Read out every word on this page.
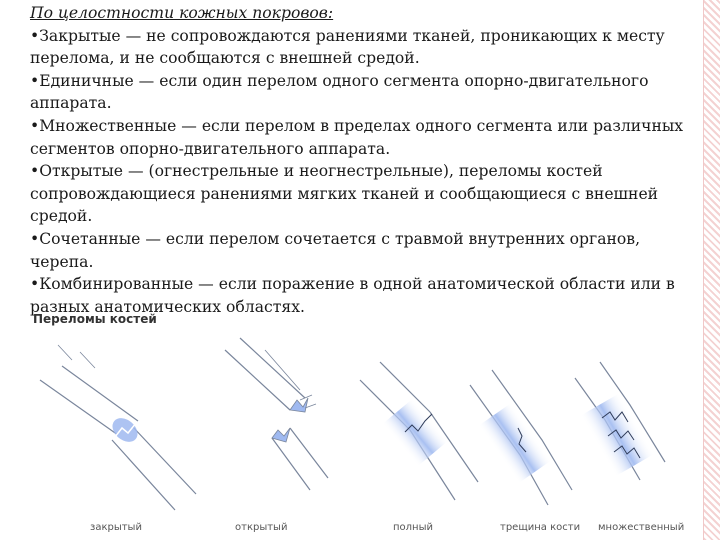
По целостности кожных покровов:

•Закрытые — не сопровождаются ранениями тканей, проникающих к месту перелома, и не сообщаются с внешней средой.

•Единичные — если один перелом одного сегмента опорно-двигательного аппарата.

•Множественные — если перелом в пределах одного сегмента или различных сегментов опорно-двигательного аппарата.

•Открытые — (огнестрельные и неогнестрельные), переломы костей сопровождающиеся ранениями мягких тканей и сообщающиеся с внешней средой.

•Сочетанные — если перелом сочетается с травмой внутренних органов, черепа.

•Комбинированные — если поражение в одной анатомической области или в разных анатомических областях.

Переломы костей
закрытый	открытый	полный	трещина кости множественный
